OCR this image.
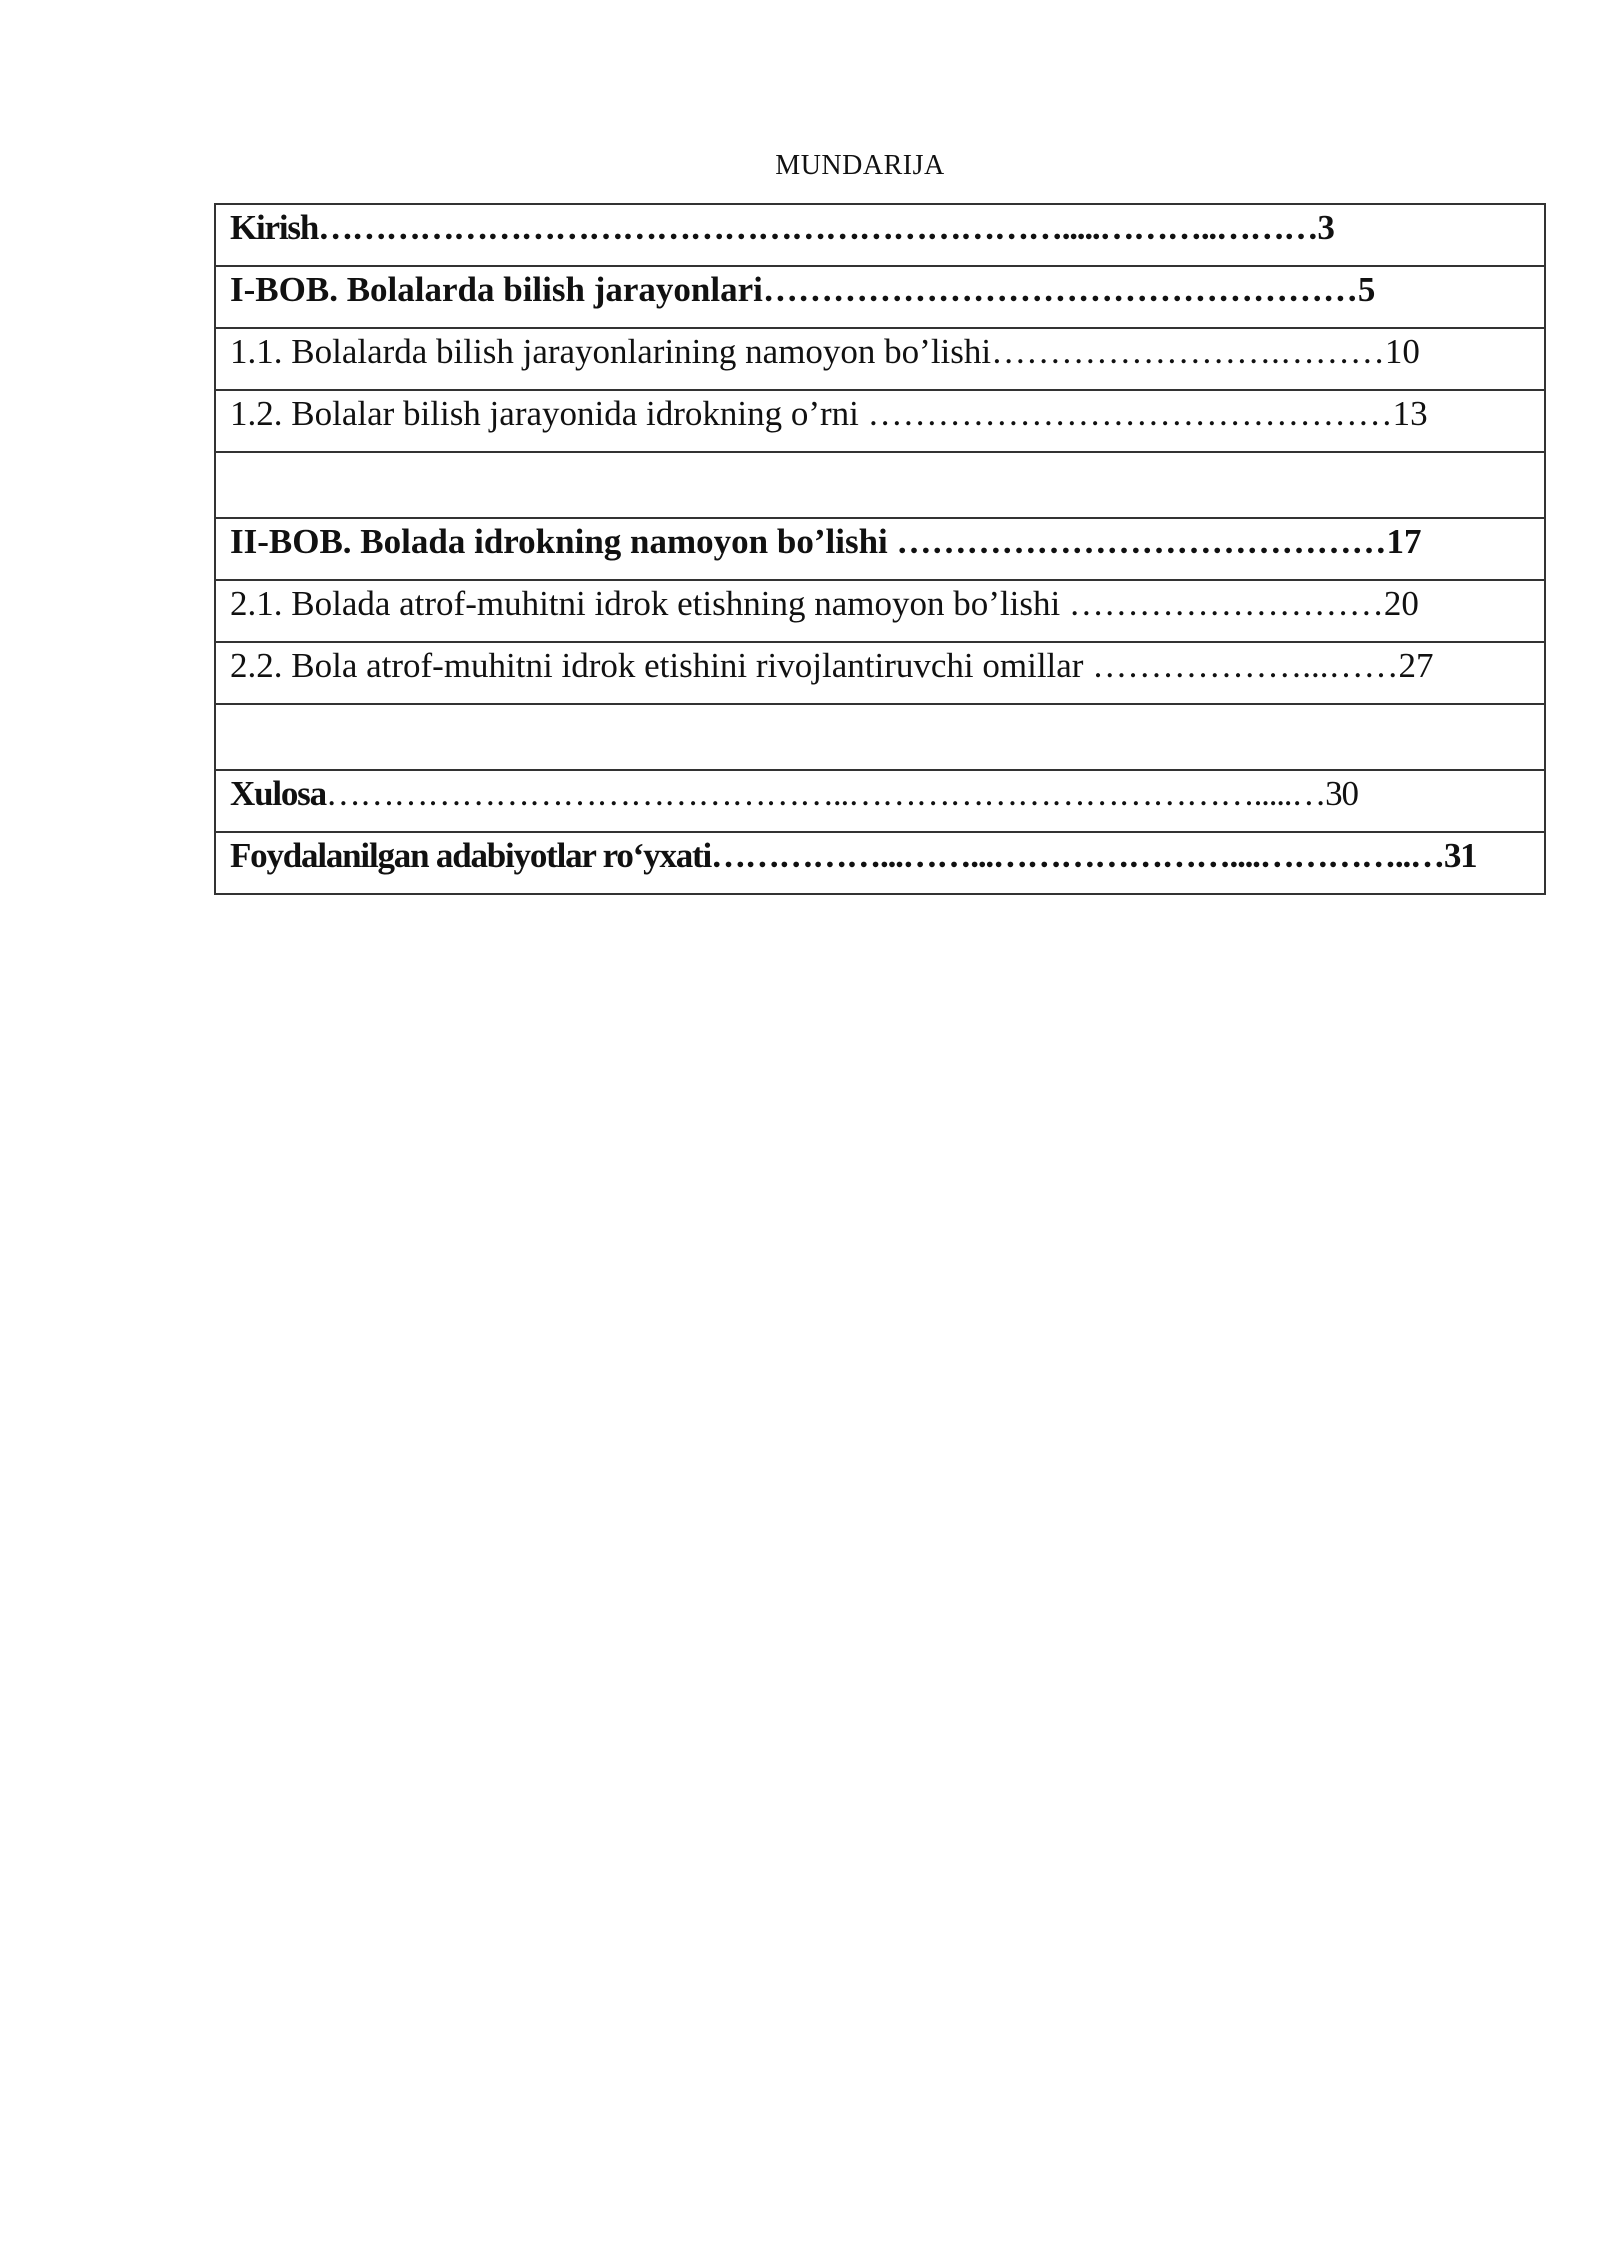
MUNDARIJA
Kirish………………………………………………………….....………..………3

I-BOB. Bolalarda bilish jarayonlari……………………………………………5

1.1. Bolalarda bilish jarayonlarining namoyon bo’lishi…………………….………10

1.2. Bolalar bilish jarayonida idrokning o’rni ………………………………………13

II-BOB. Bolada idrokning namoyon bo’lishi ……………………………………17

2.1. Bolada atrof-muhitni idrok etishning namoyon bo’lishi ………………………20

2.2. Bola atrof-muhitni idrok etishini rivojlantiruvchi omillar ………………...……27

Xulosa………………………………………..……………………………….....…30

Foydalanilgan adabiyotlar ro‘yxati……………...……...…………………....…………..…31
